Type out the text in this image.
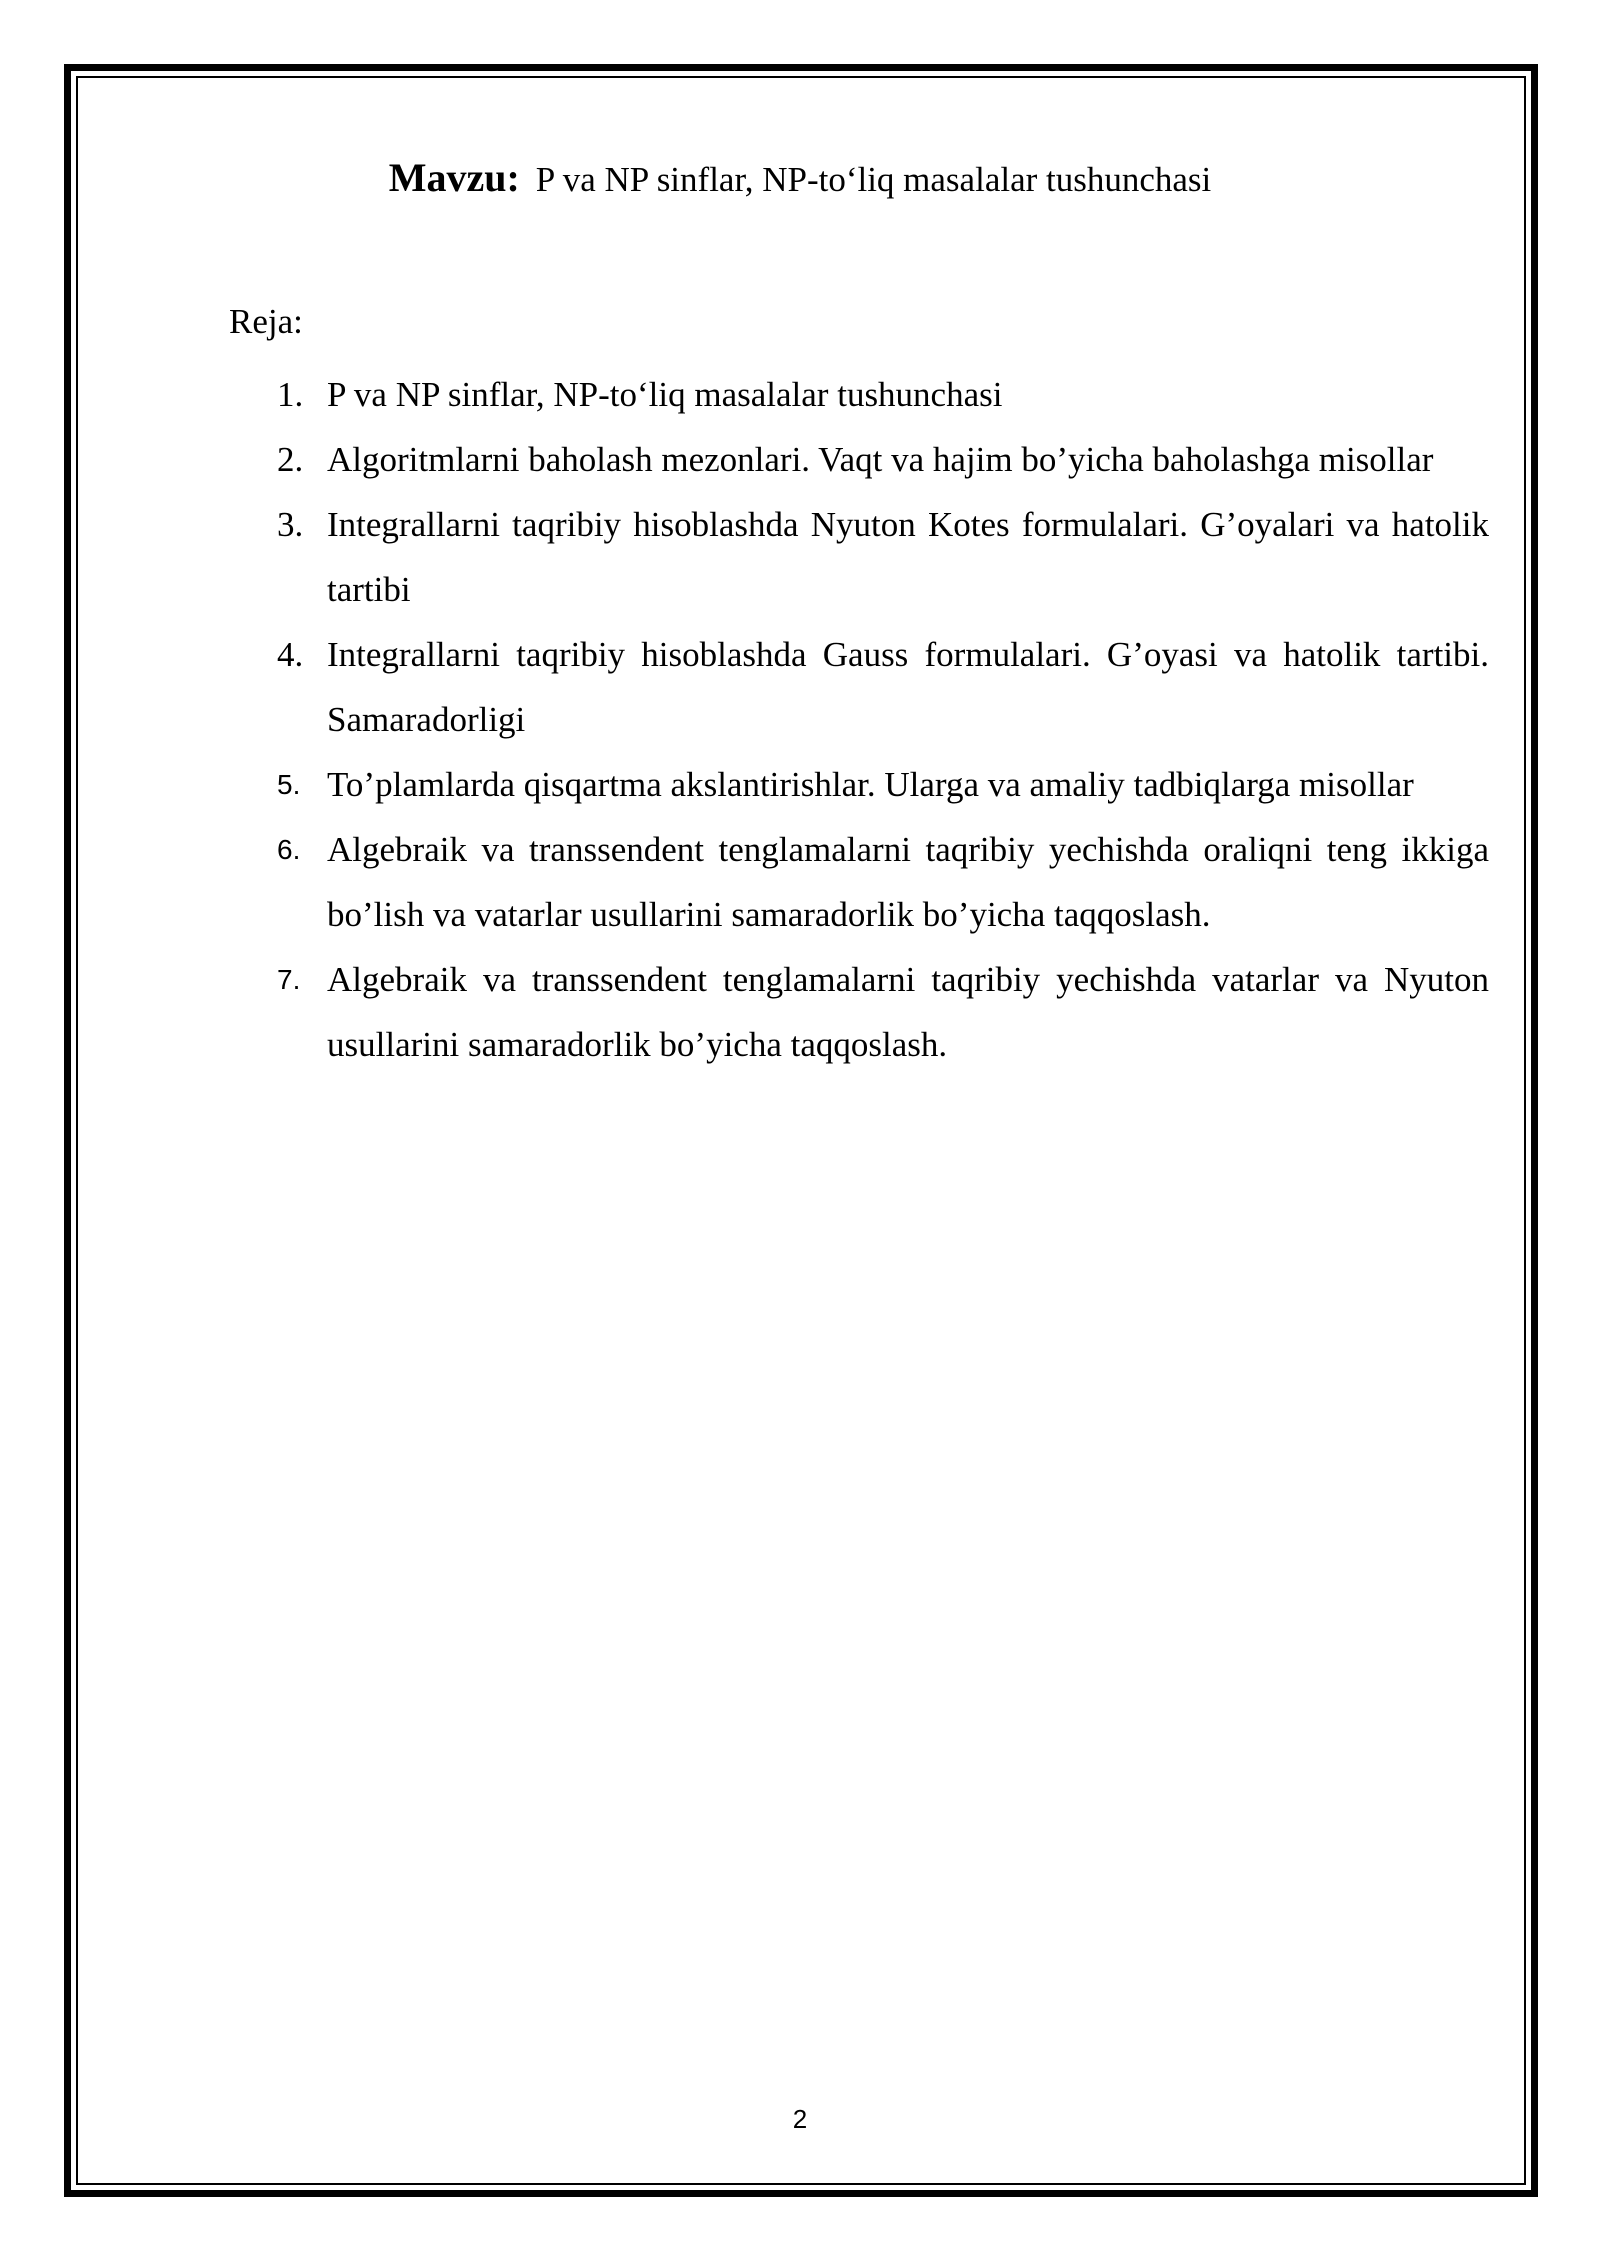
Mavzu: P va NP sinflar, NP-to‘liq masalalar tushunchasi
Reja:
1. P va NP sinflar, NP-to‘liq masalalar tushunchasi
2. Algoritmlarni baholash mezonlari. Vaqt va hajim bo’yicha baholashga misollar
3. Integrallarni taqribiy hisoblashda Nyuton Kotes formulalari. G’oyalari va hatolik tartibi
4. Integrallarni taqribiy hisoblashda Gauss formulalari. G’oyasi va hatolik tartibi. Samaradorligi
5. To’plamlarda qisqartma akslantirishlar. Ularga va amaliy tadbiqlarga misollar
6. Algebraik va transsendent tenglamalarni taqribiy yechishda oraliqni teng ikkiga bo’lish va vatarlar usullarini samaradorlik bo’yicha taqqoslash.
7. Algebraik va transsendent tenglamalarni taqribiy yechishda vatarlar va Nyuton usullarini samaradorlik bo’yicha taqqoslash.
2
